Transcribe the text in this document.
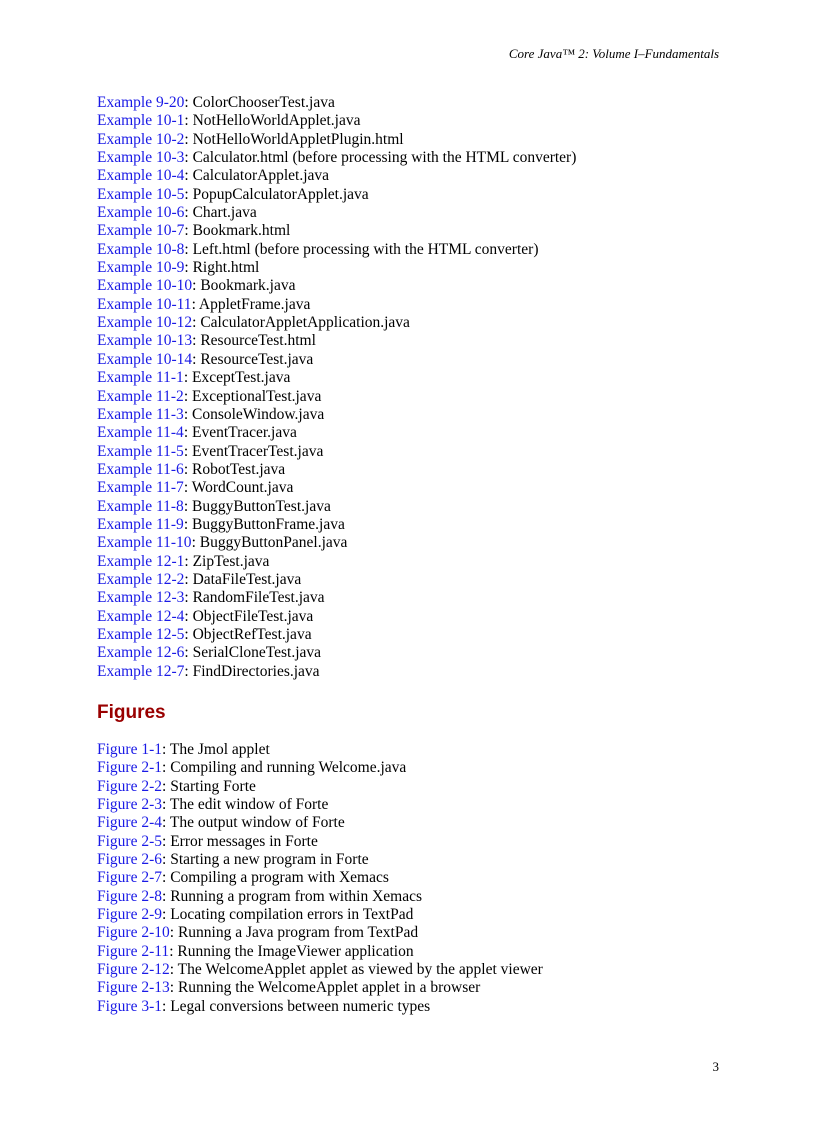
Core Java™ 2: Volume I–Fundamentals
Example 9-20: ColorChooserTest.java
Example 10-1: NotHelloWorldApplet.java
Example 10-2: NotHelloWorldAppletPlugin.html
Example 10-3: Calculator.html (before processing with the HTML converter)
Example 10-4: CalculatorApplet.java
Example 10-5: PopupCalculatorApplet.java
Example 10-6: Chart.java
Example 10-7: Bookmark.html
Example 10-8: Left.html (before processing with the HTML converter)
Example 10-9: Right.html
Example 10-10: Bookmark.java
Example 10-11: AppletFrame.java
Example 10-12: CalculatorAppletApplication.java
Example 10-13: ResourceTest.html
Example 10-14: ResourceTest.java
Example 11-1: ExceptTest.java
Example 11-2: ExceptionalTest.java
Example 11-3: ConsoleWindow.java
Example 11-4: EventTracer.java
Example 11-5: EventTracerTest.java
Example 11-6: RobotTest.java
Example 11-7: WordCount.java
Example 11-8: BuggyButtonTest.java
Example 11-9: BuggyButtonFrame.java
Example 11-10: BuggyButtonPanel.java
Example 12-1: ZipTest.java
Example 12-2: DataFileTest.java
Example 12-3: RandomFileTest.java
Example 12-4: ObjectFileTest.java
Example 12-5: ObjectRefTest.java
Example 12-6: SerialCloneTest.java
Example 12-7: FindDirectories.java
Figures
Figure 1-1: The Jmol applet
Figure 2-1: Compiling and running Welcome.java
Figure 2-2: Starting Forte
Figure 2-3: The edit window of Forte
Figure 2-4: The output window of Forte
Figure 2-5: Error messages in Forte
Figure 2-6: Starting a new program in Forte
Figure 2-7: Compiling a program with Xemacs
Figure 2-8: Running a program from within Xemacs
Figure 2-9: Locating compilation errors in TextPad
Figure 2-10: Running a Java program from TextPad
Figure 2-11: Running the ImageViewer application
Figure 2-12: The WelcomeApplet applet as viewed by the applet viewer
Figure 2-13: Running the WelcomeApplet applet in a browser
Figure 3-1: Legal conversions between numeric types
3
